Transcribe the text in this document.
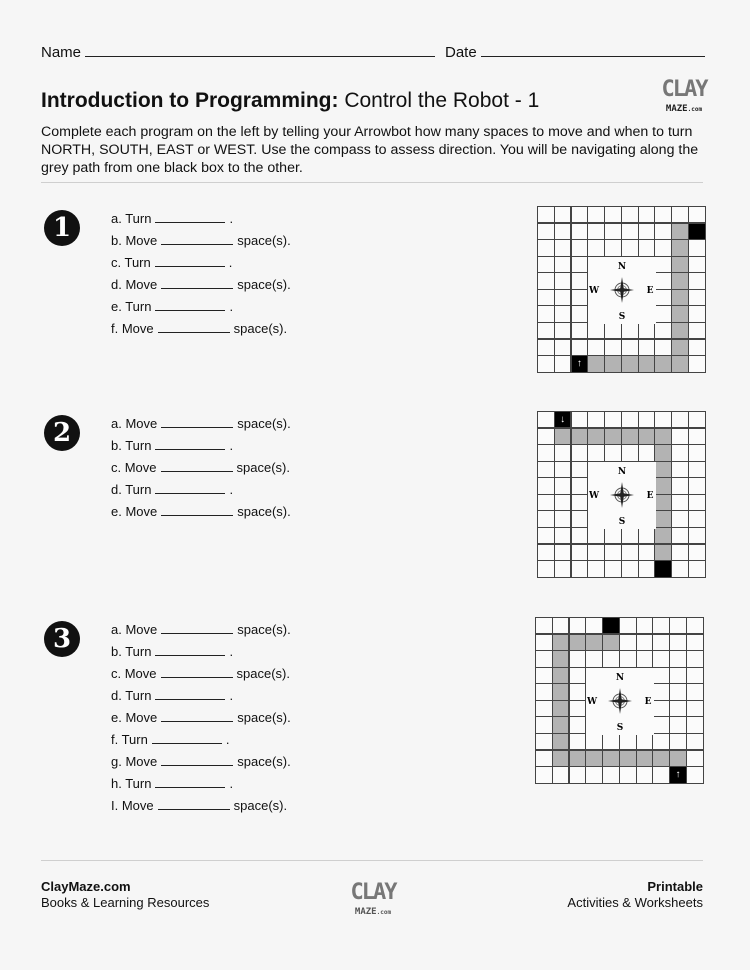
Name	Date
Introduction to Programming: Control the Robot - 1	CLAY
MAZE.com
Complete each program on the left by telling your Arrowbot how many spaces to move and when to turn NORTH, SOUTH, EAST or WEST. Use the compass to assess direction. You will be navigating along the grey path from one black box to the other.
1	a. Turn	.
b. Move	space(s).
c. Turn	.
d. Move	space(s).
e. Turn	.
f. Move	space(s).
↑
N
S
W	E
2	a. Move	space(s).
b. Turn	.
c. Move	space(s).
d. Turn	.
e. Move	space(s).
↓
N
S
W	E
3	a. Move	space(s).
b. Turn	.
c. Move	space(s).
d. Turn	.
e. Move	space(s).
f. Turn	.
g. Move	space(s).
h. Turn	.
I. Move	space(s).
↑
N
S
W	E
ClayMaze.com
Books & Learning Resources	CLAY
MAZE.com
Printable
Activities & Worksheets
